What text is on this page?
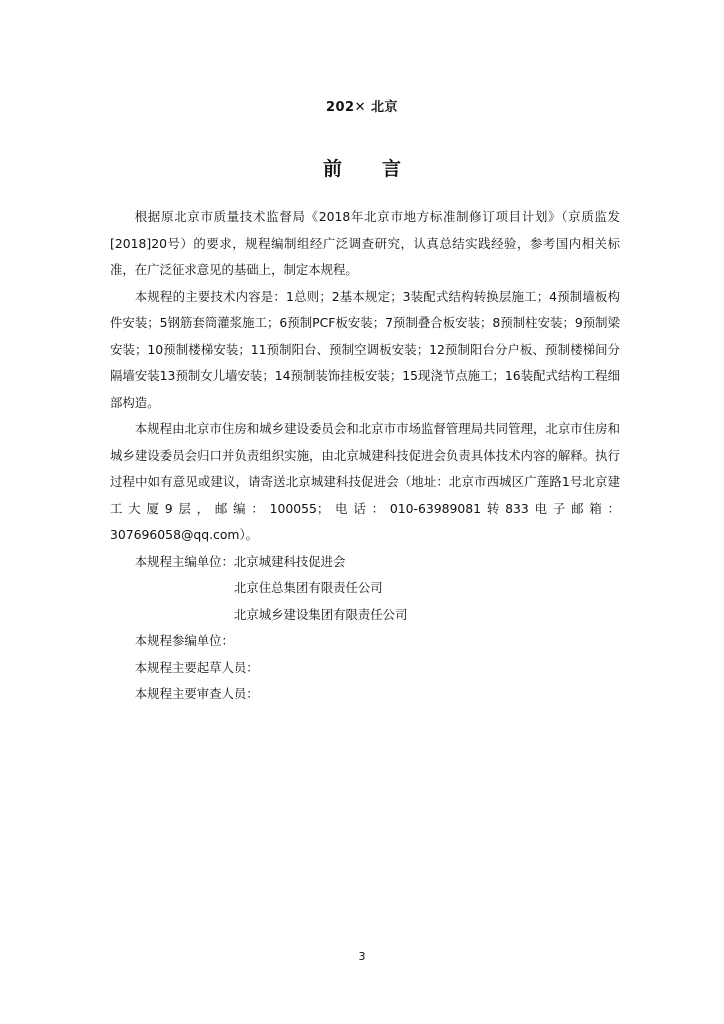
202✕ 北京
前 言

根据原北京市质量技术监督局《2018年北京市地方标准制修订项目计划》（京质监发[2018]20号）的要求，规程编制组经广泛调查研究，认真总结实践经验，参考国内相关标准，在广泛征求意见的基础上，制定本规程。

本规程的主要技术内容是：1总则；2基本规定；3装配式结构转换层施工；4预制墙板构件安装；5钢筋套筒灌浆施工；6预制PCF板安装；7预制叠合板安装；8预制柱安装；9预制梁安装；10预制楼梯安装；11预制阳台、预制空调板安装；12预制阳台分户板、预制楼梯间分隔墙安装13预制女儿墙安装；14预制装饰挂板安装；15现浇节点施工；16装配式结构工程细部构造。

本规程由北京市住房和城乡建设委员会和北京市市场监督管理局共同管理，北京市住房和城乡建设委员会归口并负责组织实施，由北京城建科技促进会负责具体技术内容的解释。执行过程中如有意见或建议，请寄送北京城建科技促进会（地址：北京市西城区广莲路1号北京建工大厦9层，邮编：100055；电话：010-63989081转833电子邮箱：307696058@qq.com）。

本规程主编单位：北京城建科技促进会

北京住总集团有限责任公司

北京城乡建设集团有限责任公司

本规程参编单位：

本规程主要起草人员：

本规程主要审查人员：

3
